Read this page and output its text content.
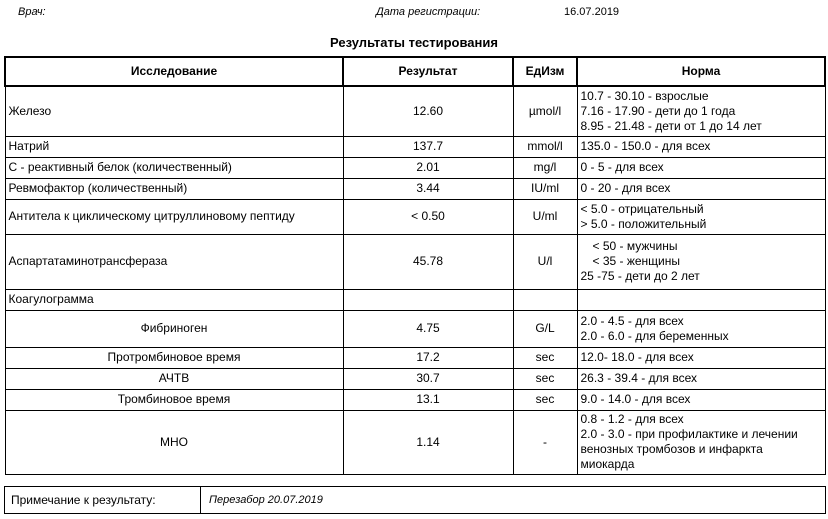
Врач:	Дата регистрации:	16.07.2019
Результаты тестирования
Исследование	Результат	ЕдИзм	Норма
Железо	12.60	µmol/l	10.7 - 30.10 - взрослые
7.16 - 17.90 - дети до 1 года
8.95 - 21.48 - дети от 1 до 14 лет

Натрий	137.7	mmol/l	135.0 - 150.0 - для всех

С - реактивный белок (количественный)	2.01	mg/l	0 - 5 - для всех

Ревмофактор (количественный)	3.44	IU/ml	0 - 20 - для всех

Антитела к циклическому цитруллиновому пептиду	< 0.50	U/ml	< 5.0 - отрицательный
> 5.0 - положительный

Аспартатаминотрансфераза	45.78	U/l	< 50 - мужчины
< 35 - женщины
25 -75 - дети до 2 лет

Коагулограмма			
Фибриноген	4.75	G/L	2.0 - 4.5 - для всех
2.0 - 6.0 - для беременных

Протромбиновое время	17.2	sec	12.0- 18.0 - для всех

АЧТВ	30.7	sec	26.3 - 39.4 - для всех

Тромбиновое время	13.1	sec	9.0 - 14.0 - для всех

МНО	1.14	-	0.8 - 1.2 - для всех
2.0 - 3.0 - при профилактике и лечении
венозных тромбозов и инфаркта
миокарда
Примечание к результату:	Перезабор 20.07.2019
